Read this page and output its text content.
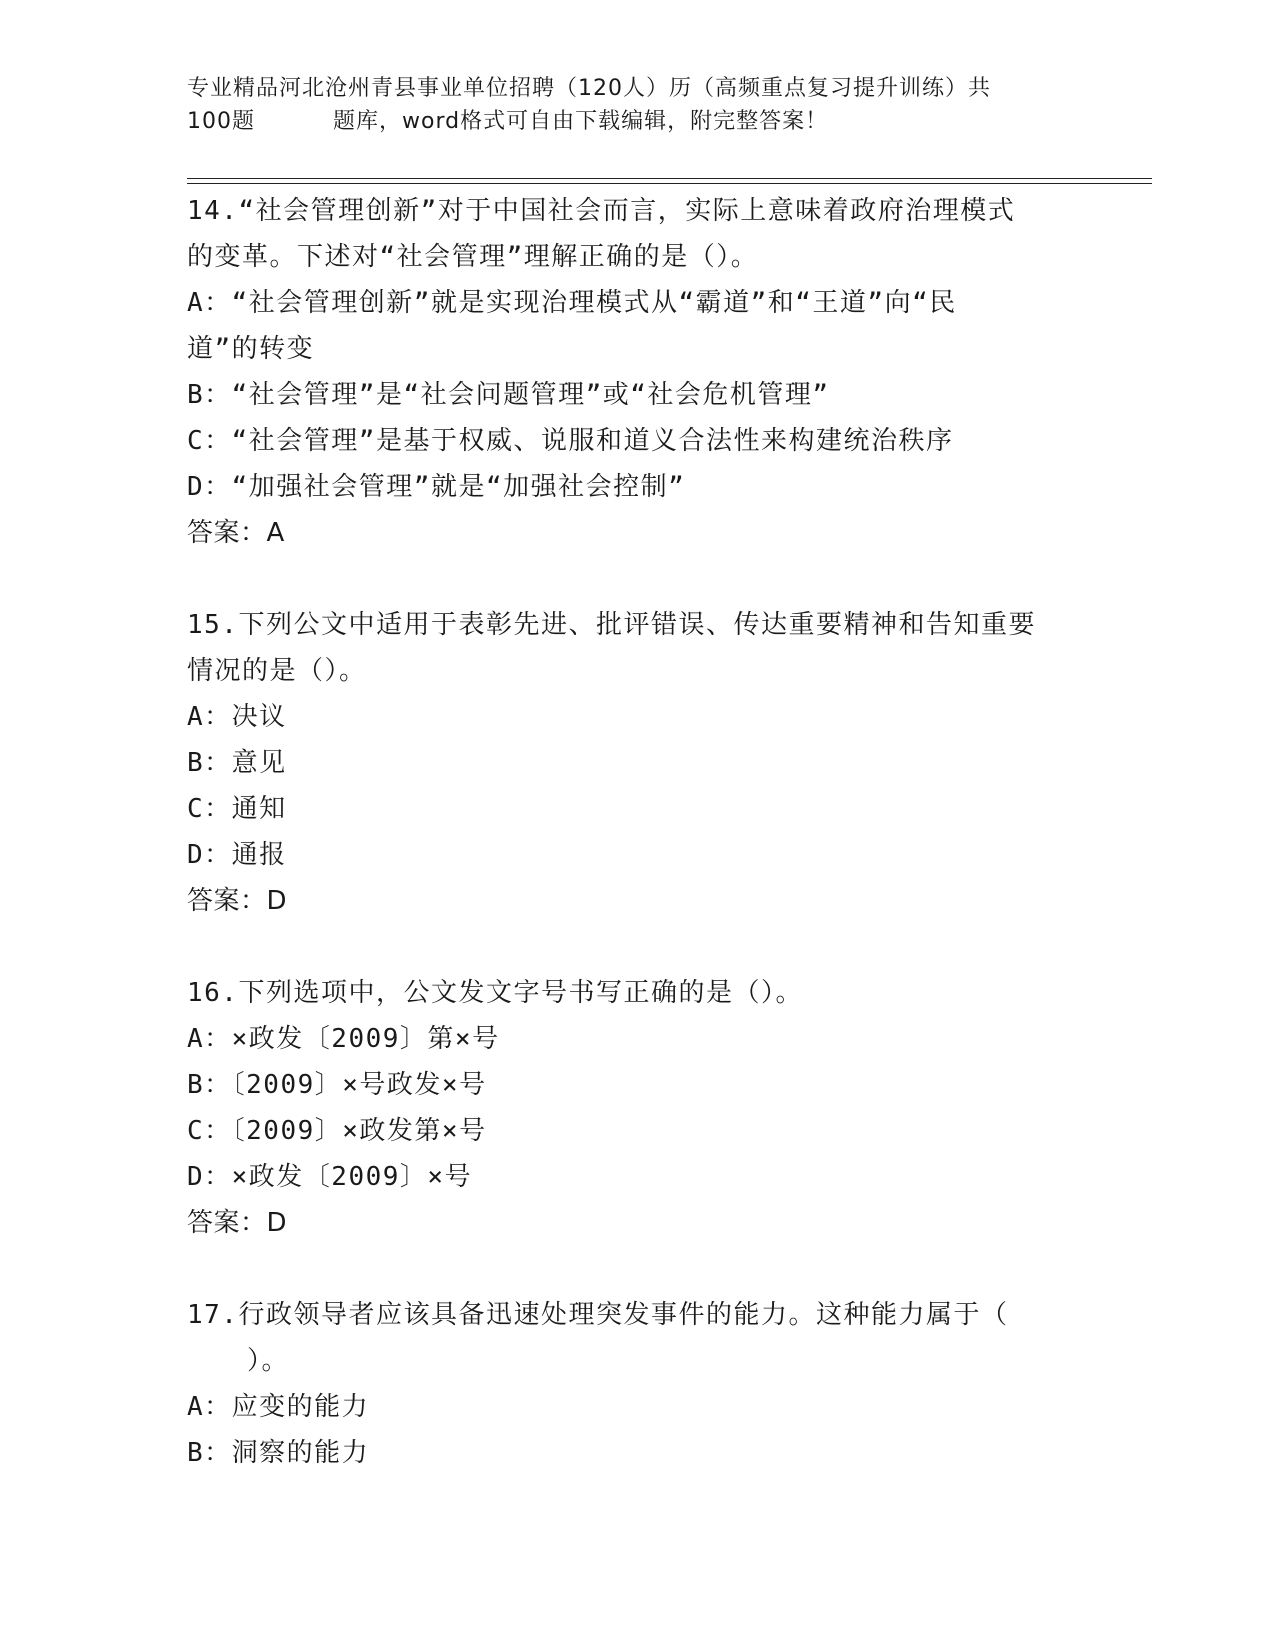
专业精品河北沧州青县事业单位招聘（120人）历（高频重点复习提升训练）共
100题	题库，word格式可自由下载编辑，附完整答案！
14.“社会管理创新”对于中国社会而言，实际上意味着政府治理模式
的变革。下述对“社会管理”理解正确的是（）。
A：“社会管理创新”就是实现治理模式从“霸道”和“王道”向“民
道”的转变
B：“社会管理”是“社会问题管理”或“社会危机管理”
C：“社会管理”是基于权威、说服和道义合法性来构建统治秩序
D：“加强社会管理”就是“加强社会控制”
答案：A
15.下列公文中适用于表彰先进、批评错误、传达重要精神和告知重要
情况的是（）。
A：决议
B：意见
C：通知
D：通报
答案：D
16.下列选项中，公文发文字号书写正确的是（）。
A：×政发〔2009〕第×号
B：〔2009〕×号政发×号
C：〔2009〕×政发第×号
D：×政发〔2009〕×号
答案：D
17.行政领导者应该具备迅速处理突发事件的能力。这种能力属于（
）。
A：应变的能力
B：洞察的能力
